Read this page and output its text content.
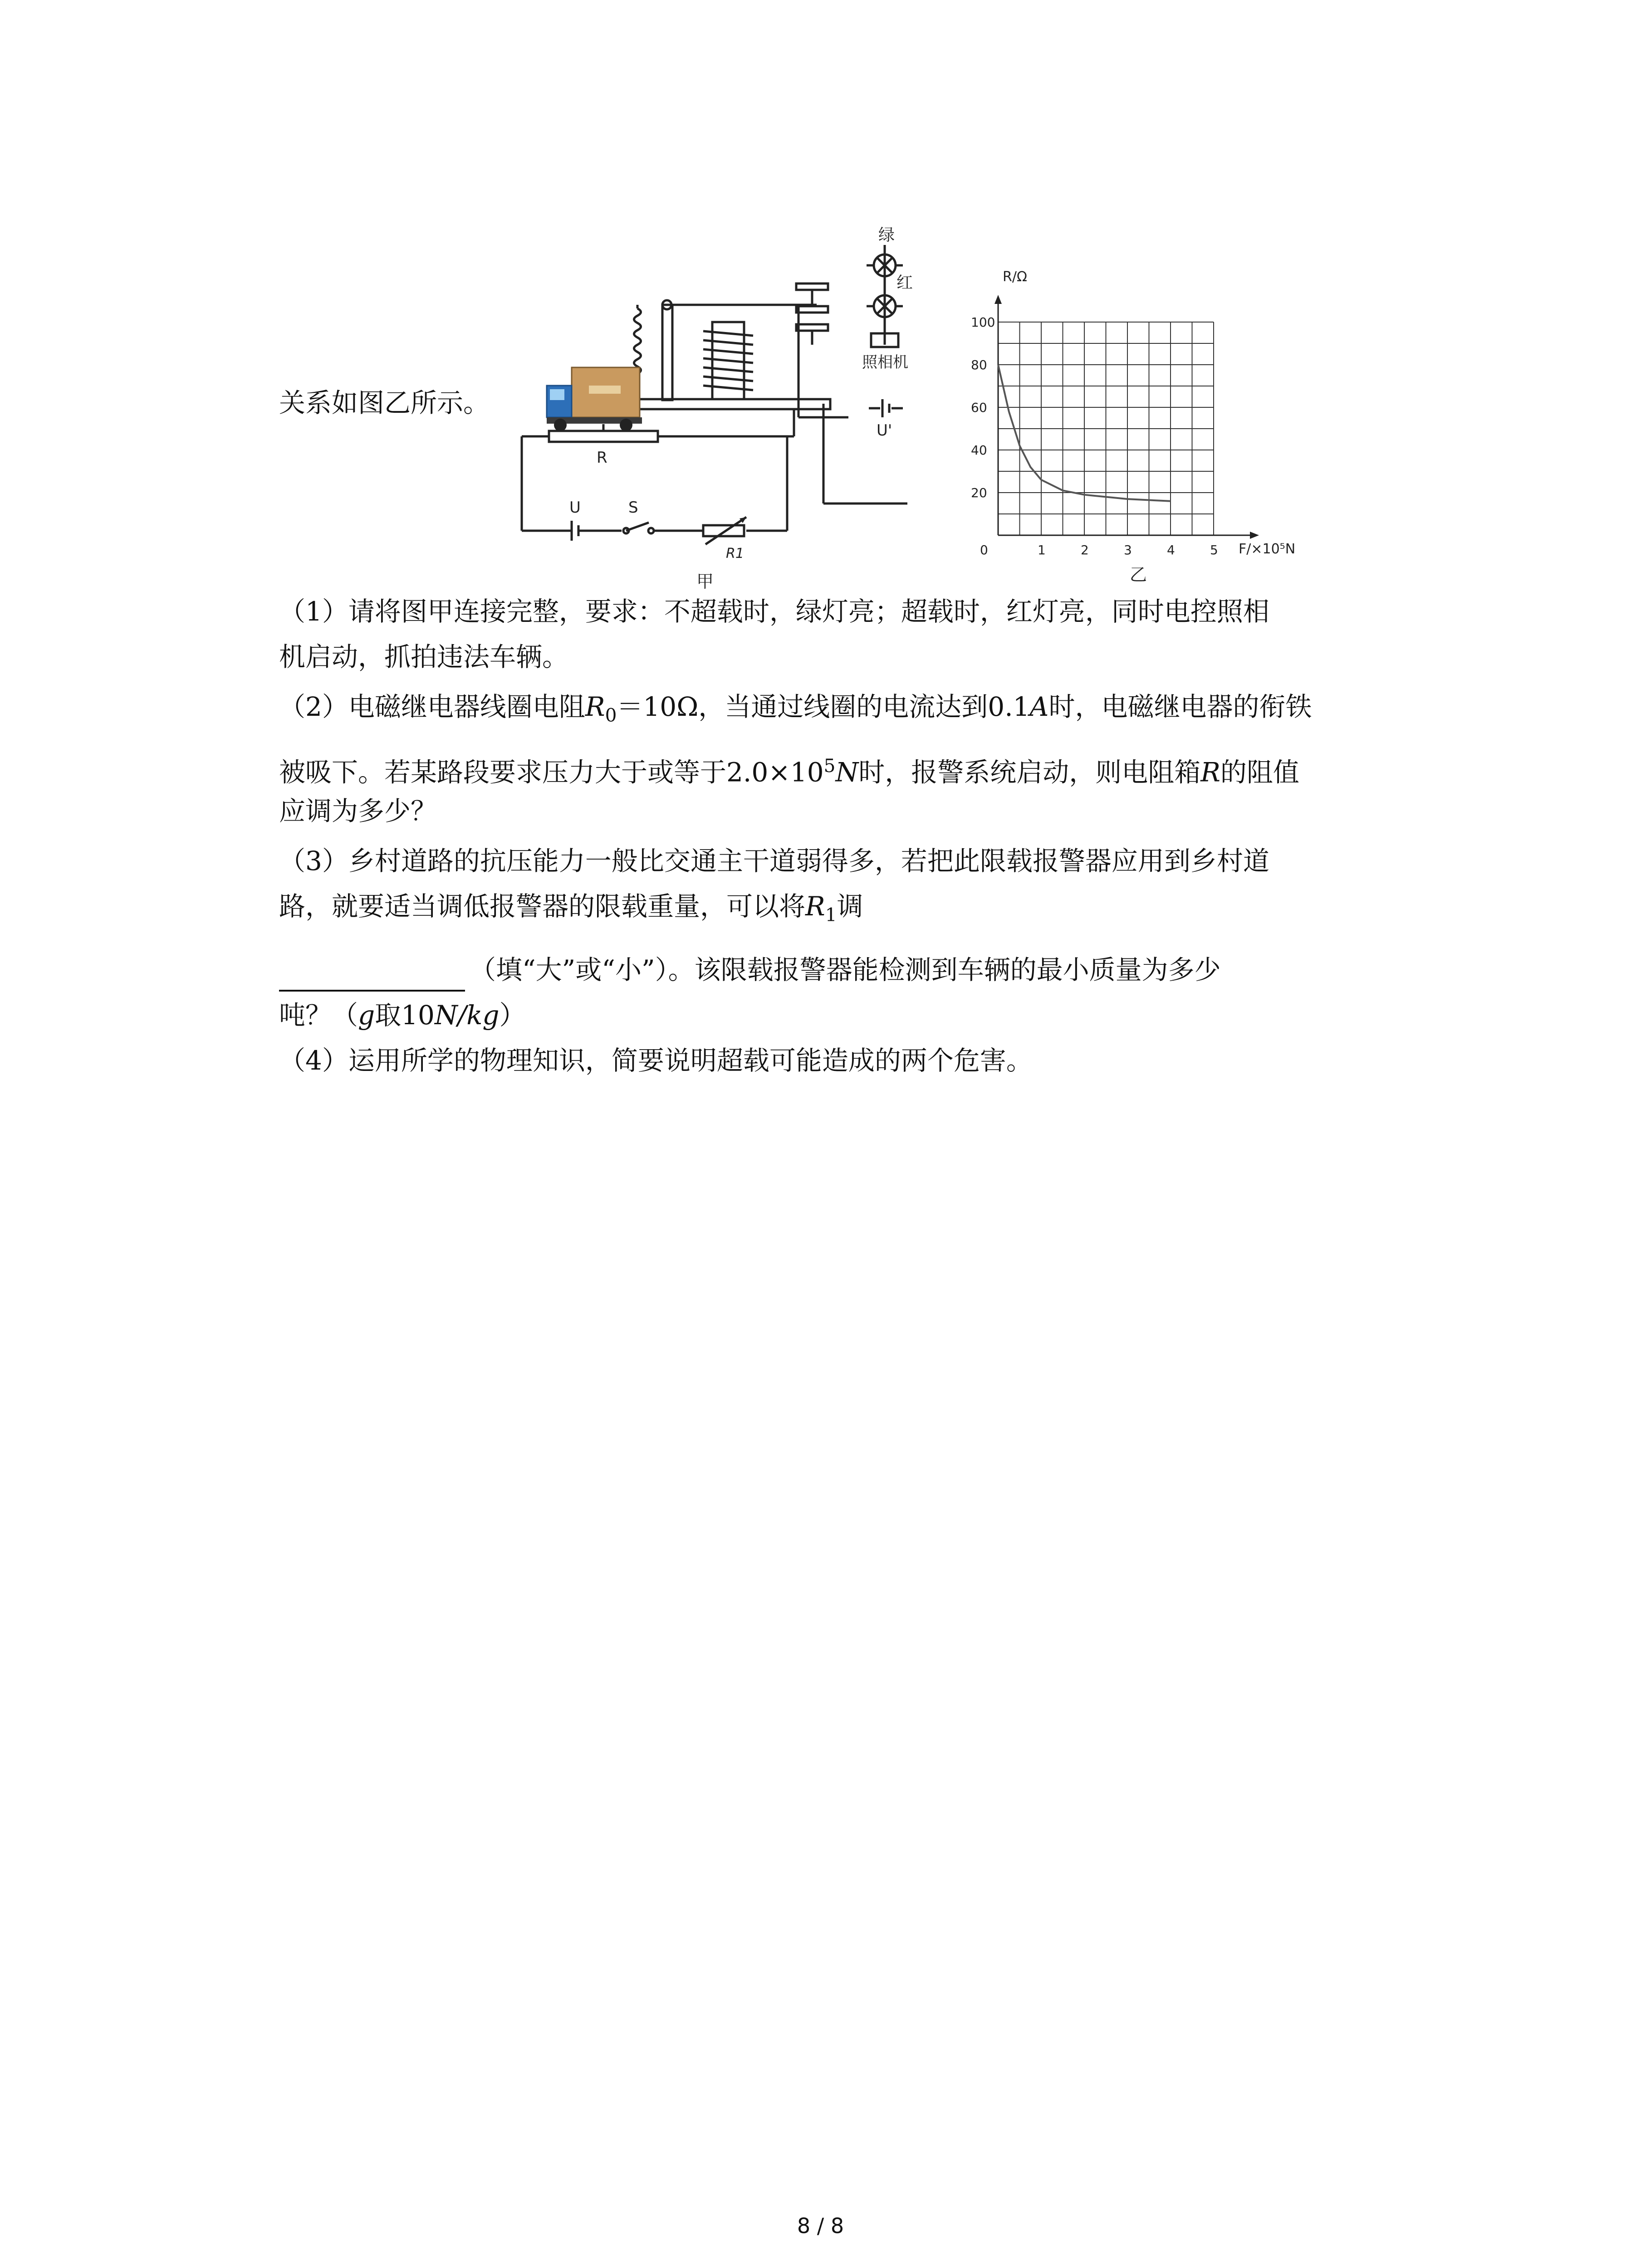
关系如图乙所示。
绿
红
照相机
U'
R
U	S
R1
甲
0	1	2	3	4	5
20
40
60
80
100
R/Ω
F/×10⁵N
乙
（1）请将图甲连接完整，要求：不超载时，绿灯亮；超载时，红灯亮，同时电控照相
机启动，抓拍违法车辆。
（2）电磁继电器线圈电阻$R_0=10\Omega$，当通过线圈的电流达到0.1A时，电磁继电器的衔铁
被吸下。若某路段要求压力大于或等于$2.0\times 10^5N$时，报警系统启动，则电阻箱R的阻值
应调为多少？
（3）乡村道路的抗压能力一般比交通主干道弱得多，若把此限载报警器应用到乡村道
路，就要适当调低报警器的限载重量，可以将$R_1$调
（填“大”或“小”）。该限载报警器能检测到车辆的最小质量为多少
吨？（g取10N/kg）
（4）运用所学的物理知识，简要说明超载可能造成的两个危害。
8 / 8
